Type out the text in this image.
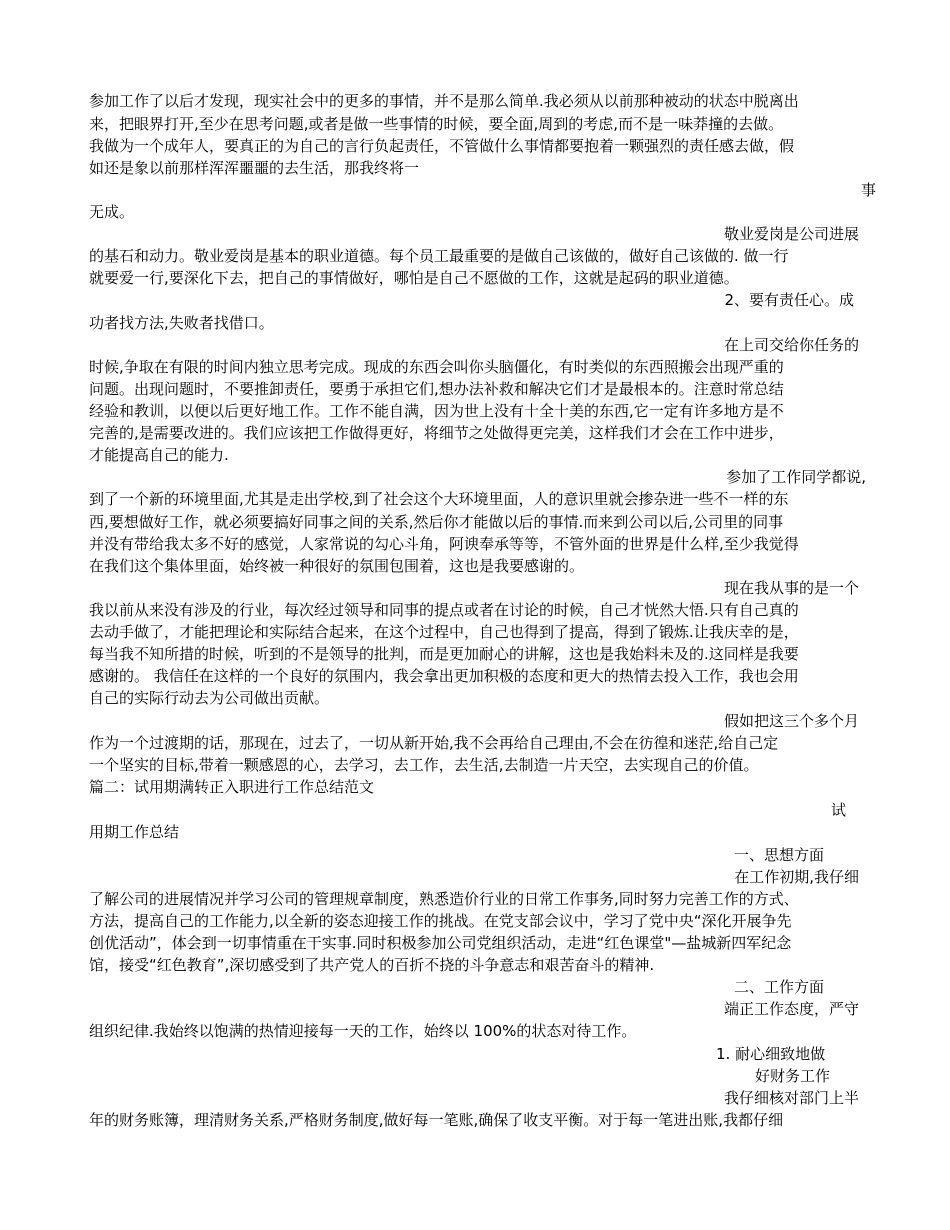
参加工作了以后才发现，现实社会中的更多的事情，并不是那么简单.我必须从以前那种被动的状态中脱离出
来，把眼界打开,至少在思考问题,或者是做一些事情的时候，要全面,周到的考虑,而不是一味莽撞的去做。
我做为一个成年人，要真正的为自己的言行负起责任，不管做什么事情都要抱着一颗强烈的责任感去做，假
如还是象以前那样浑浑噩噩的去生活，那我终将一
事
无成。
敬业爱岗是公司进展
的基石和动力。敬业爱岗是基本的职业道德。每个员工最重要的是做自己该做的，做好自己该做的. 做一行
就要爱一行,要深化下去，把自己的事情做好，哪怕是自己不愿做的工作，这就是起码的职业道德。
2、要有责任心。成
功者找方法,失败者找借口。
在上司交给你任务的
时候,争取在有限的时间内独立思考完成。现成的东西会叫你头脑僵化，有时类似的东西照搬会出现严重的
问题。出现问题时，不要推卸责任，要勇于承担它们,想办法补救和解决它们才是最根本的。注意时常总结
经验和教训，以便以后更好地工作。工作不能自满，因为世上没有十全十美的东西,它一定有许多地方是不
完善的,是需要改进的。我们应该把工作做得更好，将细节之处做得更完美，这样我们才会在工作中进步，
才能提高自己的能力.
参加了工作同学都说,
到了一个新的环境里面,尤其是走出学校,到了社会这个大环境里面，人的意识里就会掺杂进一些不一样的东
西,要想做好工作，就必须要搞好同事之间的关系,然后你才能做以后的事情.而来到公司以后,公司里的同事
并没有带给我太多不好的感觉，人家常说的勾心斗角，阿谀奉承等等，不管外面的世界是什么样,至少我觉得
在我们这个集体里面，始终被一种很好的氛围包围着，这也是我要感谢的。
现在我从事的是一个
我以前从来没有涉及的行业，每次经过领导和同事的提点或者在讨论的时候，自己才恍然大悟.只有自己真的
去动手做了，才能把理论和实际结合起来，在这个过程中，自己也得到了提高，得到了锻炼.让我庆幸的是，
每当我不知所措的时候，听到的不是领导的批判，而是更加耐心的讲解，这也是我始料未及的.这同样是我要
感谢的。 我信任在这样的一个良好的氛围内，我会拿出更加积极的态度和更大的热情去投入工作，我也会用
自己的实际行动去为公司做出贡献。
假如把这三个多个月
作为一个过渡期的话，那现在，过去了，一切从新开始,我不会再给自己理由,不会在彷徨和迷茫,给自己定
一个坚实的目标,带着一颗感恩的心，去学习，去工作，去生活,去制造一片天空，去实现自己的价值。
篇二：试用期满转正入职进行工作总结范文
试
用期工作总结
一、思想方面
在工作初期,我仔细
了解公司的进展情况并学习公司的管理规章制度，熟悉造价行业的日常工作事务,同时努力完善工作的方式、
方法，提高自己的工作能力,以全新的姿态迎接工作的挑战。在党支部会议中，学习了党中央“深化开展争先
创优活动”，体会到一切事情重在干实事.同时积极参加公司党组织活动，走进“红色课堂"—盐城新四军纪念
馆，接受“红色教育”,深切感受到了共产党人的百折不挠的斗争意志和艰苦奋斗的精神.
二、工作方面
端正工作态度，严守
组织纪律.我始终以饱满的热情迎接每一天的工作，始终以 100%的状态对待工作。
1. 耐心细致地做
好财务工作
我仔细核对部门上半
年的财务账簿，理清财务关系,严格财务制度,做好每一笔账,确保了收支平衡。对于每一笔进出账,我都仔细
